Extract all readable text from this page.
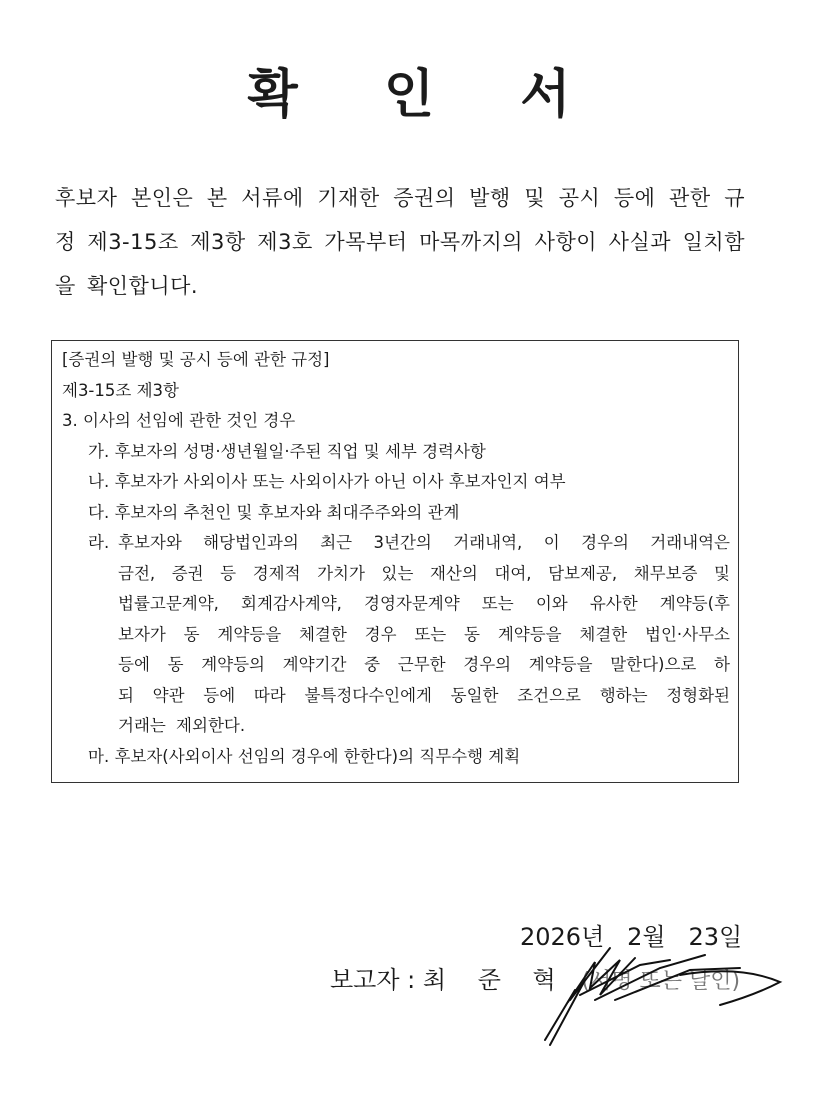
확 인 서
후보자 본인은 본 서류에 기재한 증권의 발행 및 공시 등에 관한 규
정 제3-15조 제3항 제3호 가목부터 마목까지의 사항이 사실과 일치함
을 확인합니다.
[증권의 발행 및 공시 등에 관한 규정]
제3-15조 제3항
3. 이사의 선임에 관한 것인 경우
가. 후보자의 성명·생년월일·주된 직업 및 세부 경력사항
나. 후보자가 사외이사 또는 사외이사가 아닌 이사 후보자인지 여부
다. 후보자의 추천인 및 후보자와 최대주주와의 관계
라. 후보자와 해당법인과의 최근 3년간의 거래내역, 이 경우의 거래내역은

금전, 증권 등 경제적 가치가 있는 재산의 대여, 담보제공, 채무보증 및

법률고문계약, 회계감사계약, 경영자문계약 또는 이와 유사한 계약등(후

보자가 동 계약등을 체결한 경우 또는 동 계약등을 체결한 법인·사무소

등에 동 계약등의 계약기간 중 근무한 경우의 계약등을 말한다)으로 하

되 약관 등에 따라 불특정다수인에게 동일한 조건으로 행하는 정형화된

거래는 제외한다.

마. 후보자(사외이사 선임의 경우에 한한다)의 직무수행 계획
2026년 2월 23일
보고자 : 최 준 혁 (서명 또는 날인)
